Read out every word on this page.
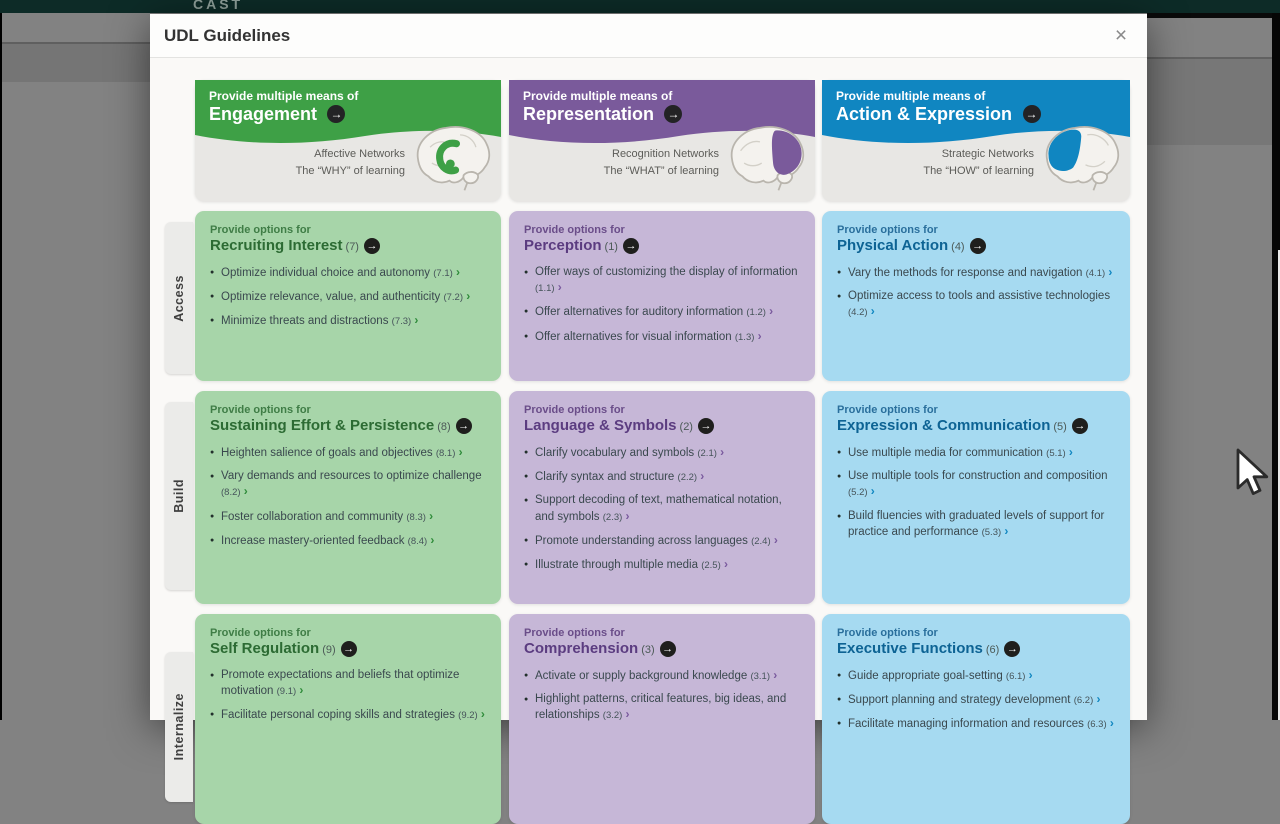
CAST
UDL Guidelines	×
Provide multiple means of
Engagement →
Affective Networks
The “WHY” of learning
Provide multiple means of
Representation →
Recognition Networks
The “WHAT” of learning
Provide multiple means of
Action & Expression →
Strategic Networks
The “HOW” of learning
Access
Build
Internalize
Provide options for
Recruiting Interest (7) →
● Optimize individual choice and autonomy (7.1) ›
● Optimize relevance, value, and authenticity (7.2) ›
● Minimize threats and distractions (7.3) ›
Provide options for
Perception (1) →
● Offer ways of customizing the display of information (1.1) ›
● Offer alternatives for auditory information (1.2) ›
● Offer alternatives for visual information (1.3) ›
Provide options for
Physical Action (4) →
● Vary the methods for response and navigation (4.1) ›
● Optimize access to tools and assistive technologies (4.2) ›
Provide options for
Sustaining Effort & Persistence (8) →
● Heighten salience of goals and objectives (8.1) ›
● Vary demands and resources to optimize challenge (8.2) ›
● Foster collaboration and community (8.3) ›
● Increase mastery-oriented feedback (8.4) ›
Provide options for
Language & Symbols (2) →
● Clarify vocabulary and symbols (2.1) ›
● Clarify syntax and structure (2.2) ›
● Support decoding of text, mathematical notation, and symbols (2.3) ›
● Promote understanding across languages (2.4) ›
● Illustrate through multiple media (2.5) ›
Provide options for
Expression & Communication (5) →
● Use multiple media for communication (5.1) ›
● Use multiple tools for construction and composition (5.2) ›
● Build fluencies with graduated levels of support for practice and performance (5.3) ›
Provide options for
Self Regulation (9) →
● Promote expectations and beliefs that optimize motivation (9.1) ›
● Facilitate personal coping skills and strategies (9.2) ›
Provide options for
Comprehension (3) →
● Activate or supply background knowledge (3.1) ›
● Highlight patterns, critical features, big ideas, and relationships (3.2) ›
Provide options for
Executive Functions (6) →
● Guide appropriate goal-setting (6.1) ›
● Support planning and strategy development (6.2) ›
● Facilitate managing information and resources (6.3) ›
